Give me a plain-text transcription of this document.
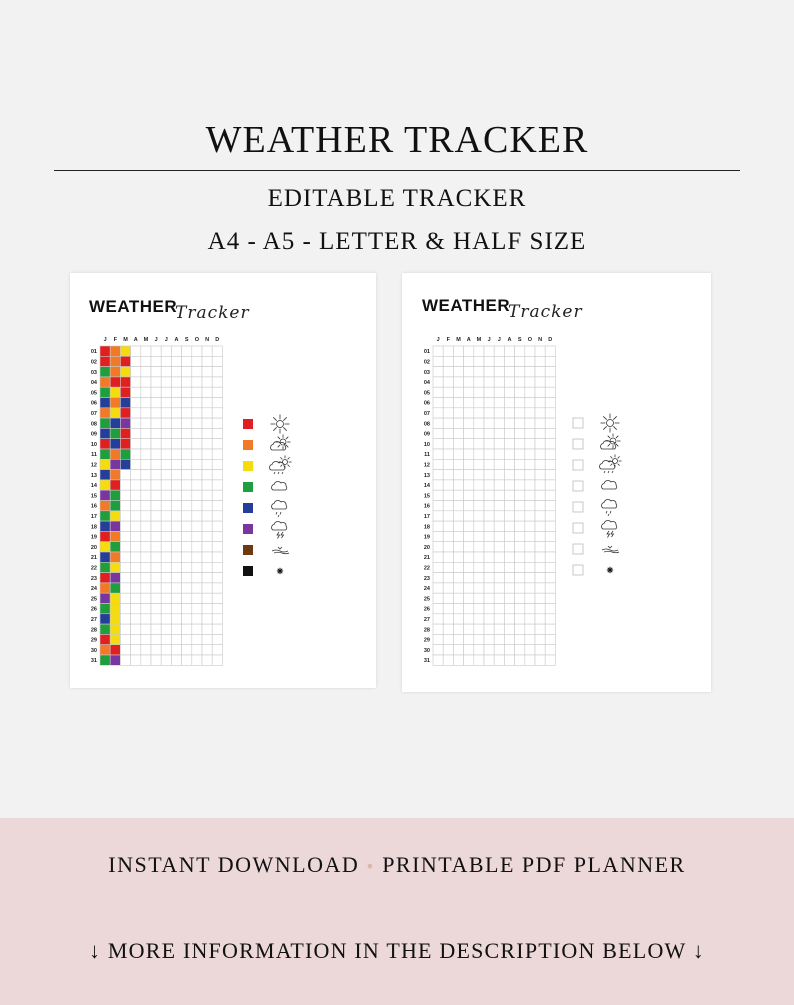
WEATHER TRACKER
EDITABLE TRACKER
A4 - A5 - LETTER & HALF SIZE
WEATHER
Tracker
J F M A M J J A S O N D
01
02
03
04
05
06
07
08
09
10
11
12
13
14
15
16
17
18
19
20
21
22
23
24
25
26
27
28
29
30
31
WEATHER
Tracker
J F M A M J J A S O N D
01
02
03
04
05
06
07
08
09
10
11
12
13
14
15
16
17
18
19
20
21
22
23
24
25
26
27
28
29
30
31
INSTANT DOWNLOAD • PRINTABLE PDF PLANNER
↓ MORE INFORMATION IN THE DESCRIPTION BELOW ↓
